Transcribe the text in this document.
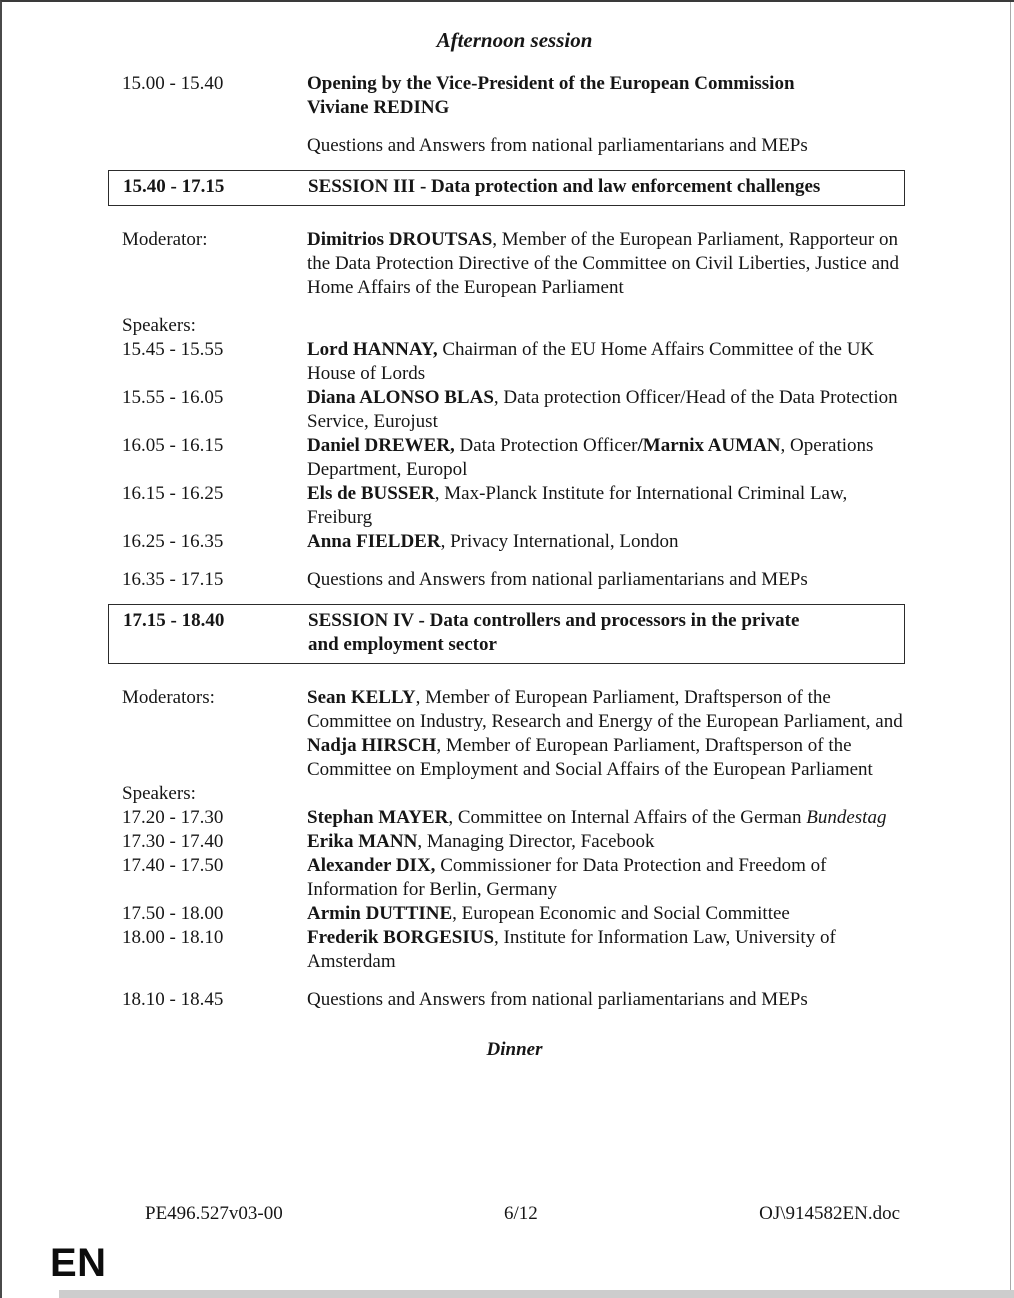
Afternoon session
15.00 - 15.40	Opening by the Vice-President of the European Commission
Viviane REDING
Questions and Answers from national parliamentarians and MEPs
15.40 - 17.15	SESSION III - Data protection and law enforcement challenges
Moderator:	Dimitrios DROUTSAS, Member of the European Parliament, Rapporteur on the Data Protection Directive of the Committee on Civil Liberties, Justice and Home Affairs of the European Parliament
Speakers:
15.45 - 15.55	Lord HANNAY, Chairman of the EU Home Affairs Committee of the UK House of Lords
15.55 - 16.05	Diana ALONSO BLAS, Data protection Officer/Head of the Data Protection Service, Eurojust
16.05 - 16.15	Daniel DREWER, Data Protection Officer/Marnix AUMAN, Operations Department, Europol
16.15 - 16.25	Els de BUSSER, Max-Planck Institute for International Criminal Law, Freiburg
16.25 - 16.35	Anna FIELDER, Privacy International, London
16.35 - 17.15	Questions and Answers from national parliamentarians and MEPs
17.15 - 18.40	SESSION IV - Data controllers and processors in the private
and employment sector
Moderators:	Sean KELLY, Member of European Parliament, Draftsperson of the Committee on Industry, Research and Energy of the European Parliament, and
Nadja HIRSCH, Member of European Parliament, Draftsperson of the Committee on Employment and Social Affairs of the European Parliament
Speakers:
17.20 - 17.30	Stephan MAYER, Committee on Internal Affairs of the German Bundestag
17.30 - 17.40	Erika MANN, Managing Director, Facebook
17.40 - 17.50	Alexander DIX, Commissioner for Data Protection and Freedom of Information for Berlin, Germany
17.50 - 18.00	Armin DUTTINE, European Economic and Social Committee
18.00 - 18.10	Frederik BORGESIUS, Institute for Information Law, University of Amsterdam
18.10 - 18.45	Questions and Answers from national parliamentarians and MEPs
Dinner
PE496.527v03-00	6/12	OJ\914582EN.doc
EN
